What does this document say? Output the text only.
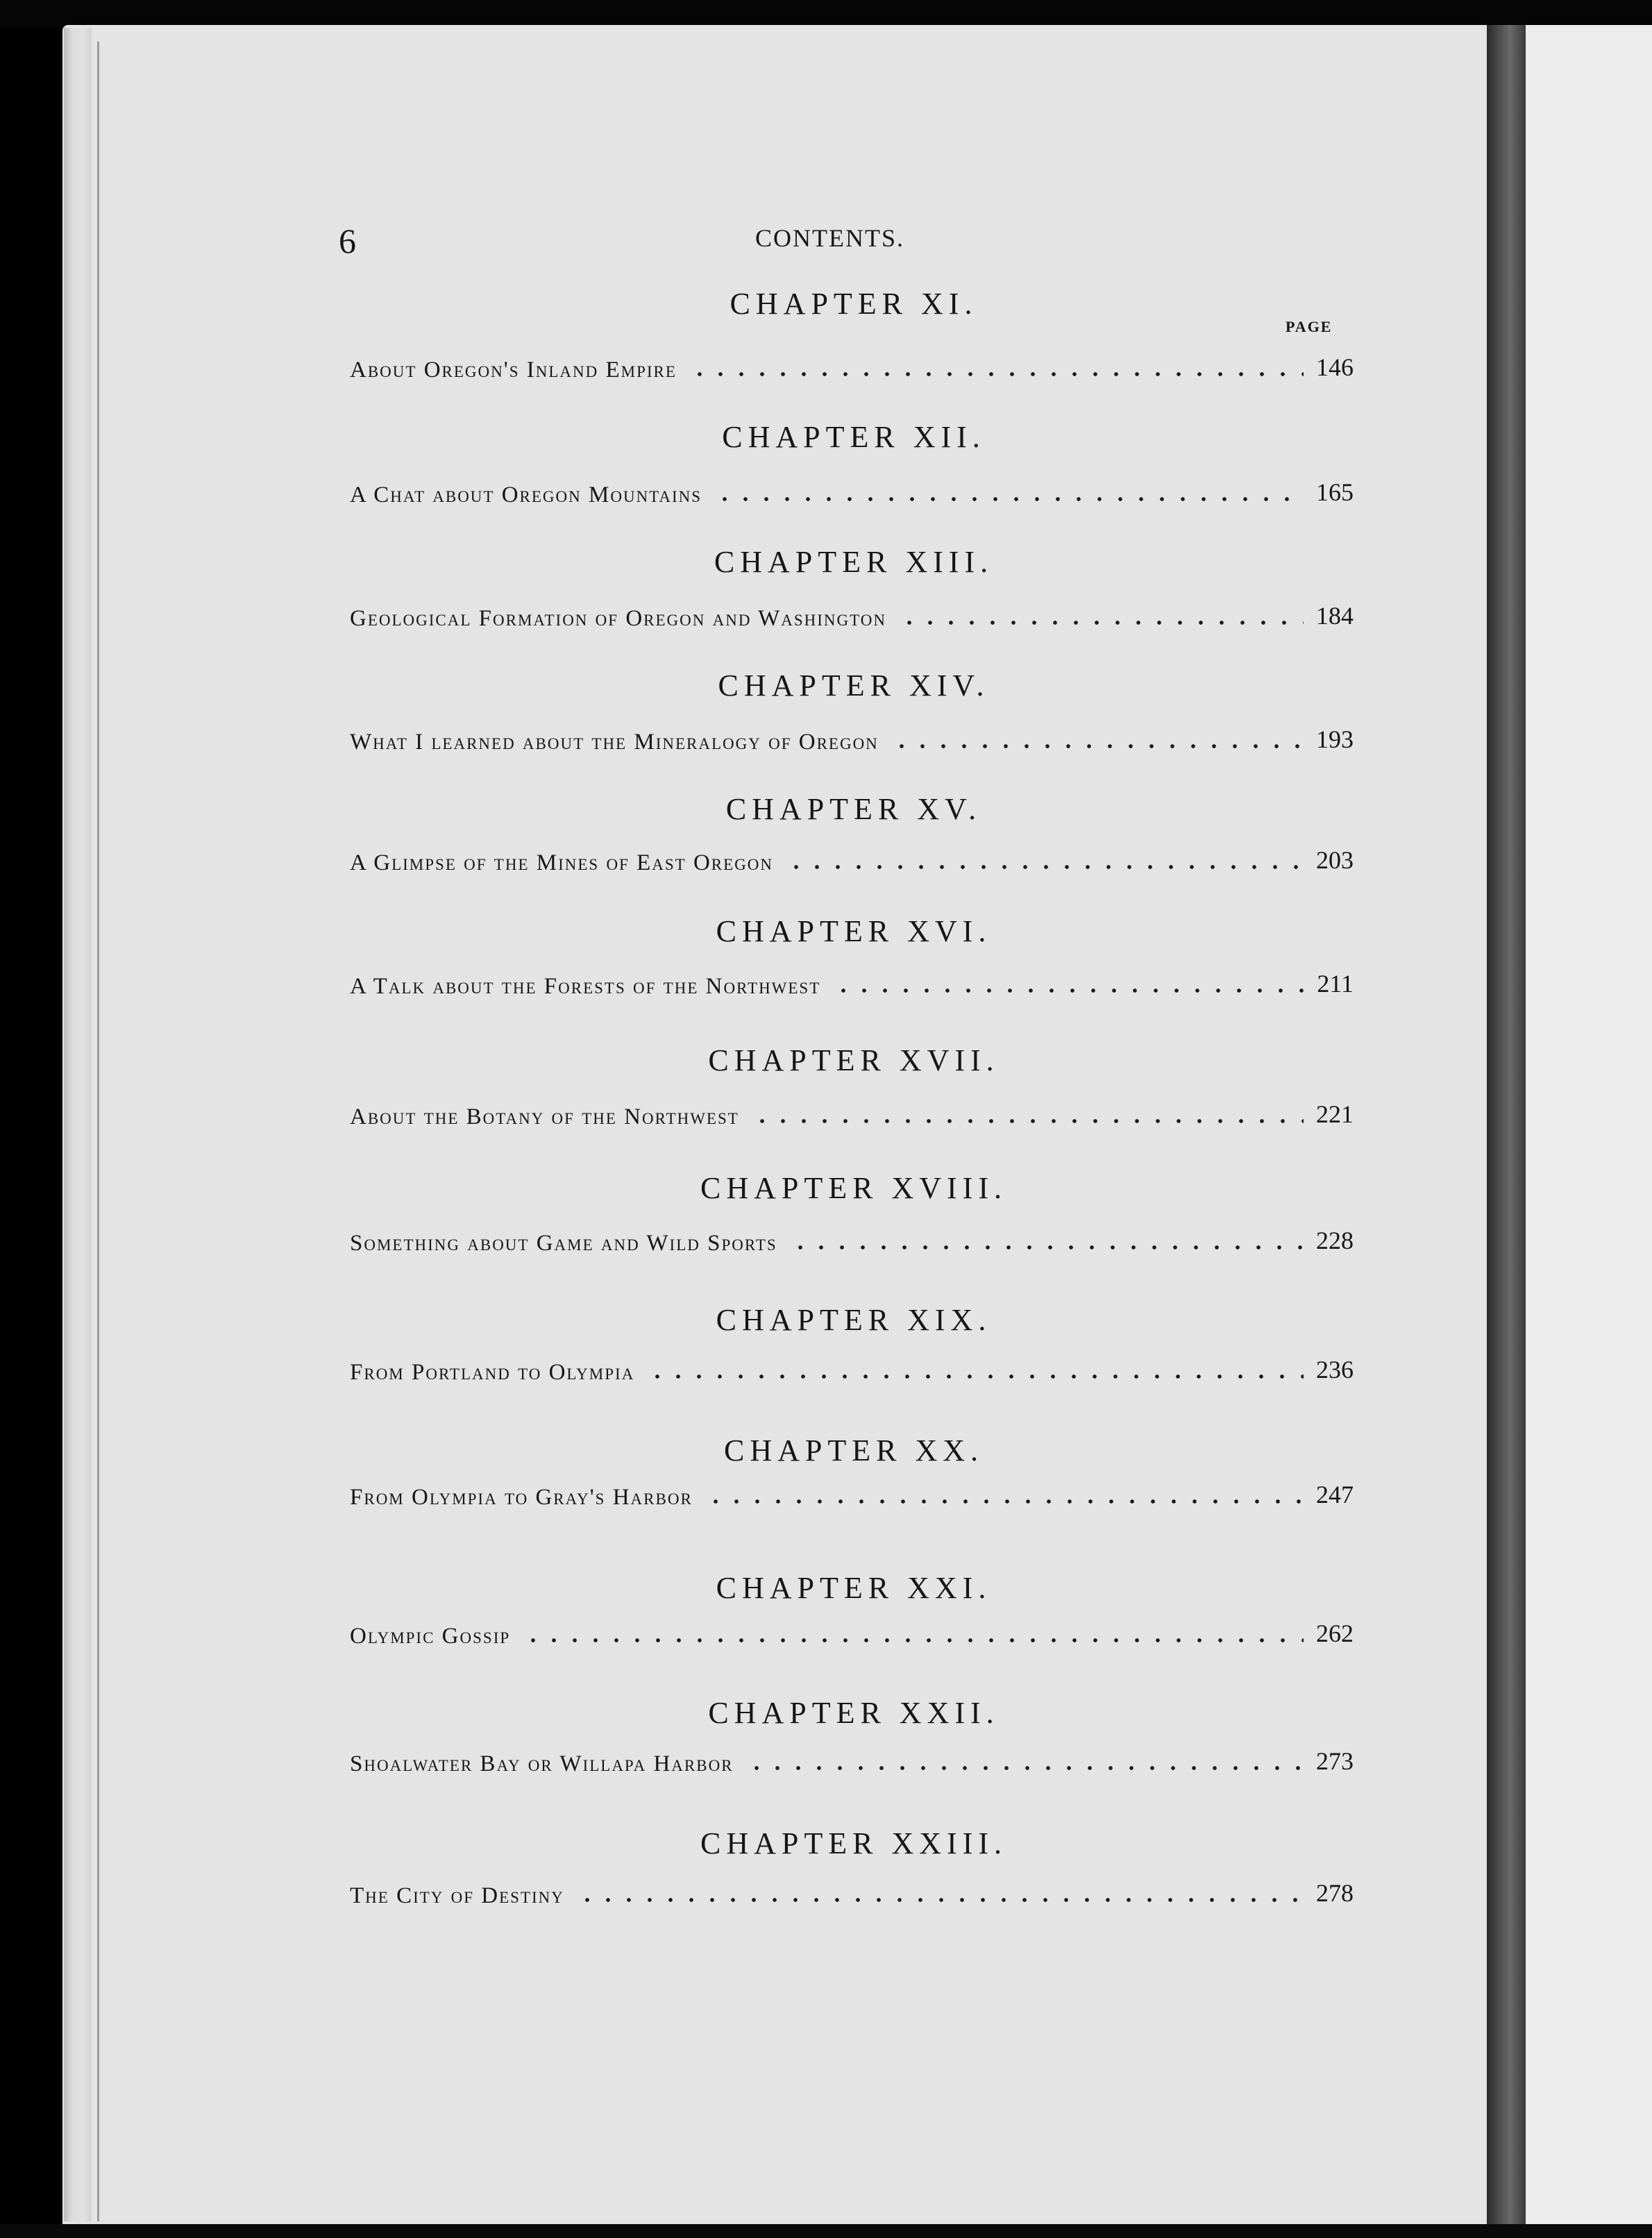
6	CONTENTS.

PAGE

CHAPTER XI.
About Oregon's Inland Empire	146
CHAPTER XII.
A Chat about Oregon Mountains	165
CHAPTER XIII.
Geological Formation of Oregon and Washington	184
CHAPTER XIV.
What I learned about the Mineralogy of Oregon	193
CHAPTER XV.
A Glimpse of the Mines of East Oregon	203
CHAPTER XVI.
A Talk about the Forests of the Northwest	211
CHAPTER XVII.
About the Botany of the Northwest	221
CHAPTER XVIII.
Something about Game and Wild Sports	228
CHAPTER XIX.
From Portland to Olympia	236
CHAPTER XX.
From Olympia to Gray's Harbor	247
CHAPTER XXI.
Olympic Gossip	262
CHAPTER XXII.
Shoalwater Bay or Willapa Harbor	273
CHAPTER XXIII.
The City of Destiny	278
